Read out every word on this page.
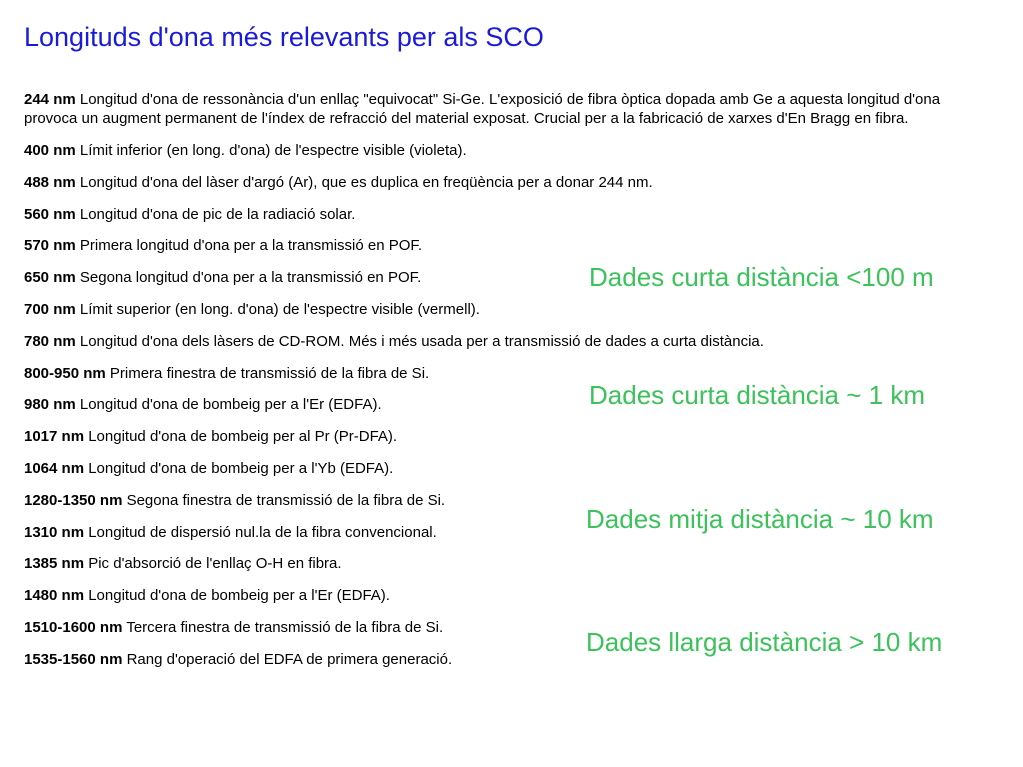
Longituds d'ona més relevants per als SCO
244 nm Longitud d'ona de ressonància d'un enllaç "equivocat" Si-Ge. L'exposició de fibra òptica dopada amb Ge a aquesta longitud d'ona provoca un augment permanent de l'índex de refracció del material exposat. Crucial per a la fabricació de xarxes d'En Bragg en fibra.
400 nm Límit inferior (en long. d'ona) de l'espectre visible (violeta).
488 nm Longitud d'ona del làser d'argó (Ar), que es duplica en freqüència per a donar 244 nm.
560 nm Longitud d'ona de pic de la radiació solar.
570 nm Primera longitud d'ona per a la transmissió en POF.
650 nm Segona longitud d'ona per a la transmissió en POF.
700 nm Límit superior (en long. d'ona) de l'espectre visible (vermell).
780 nm Longitud d'ona dels làsers de CD-ROM. Més i més usada per a transmissió de dades a curta distància.
800-950 nm Primera finestra de transmissió de la fibra de Si.
980 nm Longitud d'ona de bombeig per a l'Er (EDFA).
1017 nm Longitud d'ona de bombeig per al Pr (Pr-DFA).
1064 nm Longitud d'ona de bombeig per a l'Yb (EDFA).
1280-1350 nm Segona finestra de transmissió de la fibra de Si.
1310 nm Longitud de dispersió nul.la de la fibra convencional.
1385 nm Pic d'absorció de l'enllaç O-H en fibra.
1480 nm Longitud d'ona de bombeig per a l'Er (EDFA).
1510-1600 nm Tercera finestra de transmissió de la fibra de Si.
1535-1560 nm Rang d'operació del EDFA de primera generació.
Dades curta distància <100 m
Dades curta distància ~ 1 km
Dades mitja distància ~ 10 km
Dades llarga distància > 10 km
